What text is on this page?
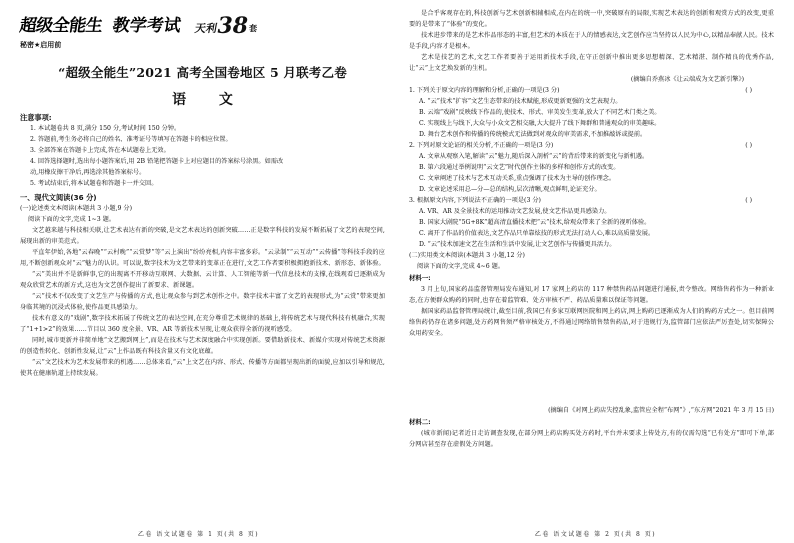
超级全能生 教学考试 天利 38 套
秘密★启用前
“超级全能生”2021 高考全国卷地区 5 月联考乙卷
语 文
注意事项:

1. 本试题卷共 8 页,满分 150 分,考试时间 150 分钟。

2. 答题前,考生务必将自己的姓名、准考证号等填写在答题卡的相应位置。

3. 全部答案在答题卡上完成,答在本试题卷上无效。

4. 回答选择题时,选出每小题答案后,用 2B 铅笔把答题卡上对应题目的答案标号涂黑。如需改

动,用橡皮擦干净后,再选涂其他答案标号。

5. 考试结束后,将本试题卷和答题卡一并交回。

一、现代文阅读(36 分)
(一)论述类文本阅读(本题共 3 小题,9 分)
阅读下面的文字,完成 1~3 题。

文艺越来越与科技相关联,让艺术表达有新的突破,是文艺术表达的创新突破……正是数字科技的发展不断拓展了文艺的表现空间,展现出新的审美范式。

平直年伊始,各地“云春晚”“云村晚”“云赏梦”等“云上演出”纷纷亮相,内容丰富多彩。“云录制”“云互动”“云传播”等科技手段的应用,不断创新观众对“云”魅力的认识。可以说,数字技术为文艺带来的变革正在进行,文艺工作者要积极拥抱新技术、新形态、新体验。

“云”美出并不是新鲜事,它的出现离不开移动互联网、大数据、云计算、人工智能等新一代信息技术的支撑,在线观看已逐渐成为观众欣赏艺术的新方式,这也为文艺创作提出了新要求、新课题。

“云”技术不仅改变了文艺生产与传播的方式,也让观众参与到艺术创作之中。数字技术丰富了文艺的表现形式,为“云赏”带来更加身临其境的沉浸式体验,使作品更具感染力。

技术有意义的“戏剧”,数字技术拓展了传统文艺的表达空间,在充分尊重艺术规律的基础上,将传统艺术与现代科技有机融合,实现了“1+1>2”的效果……节目以 360 度全景、VR、AR 等新技术呈现,让观众获得全新的视听感受。

同时,城市更新并非简单地“文艺搬到网上”,而是在技术与艺术深度融合中实现创新。要借助新技术、新媒介实现对传统艺术资源的创造性转化、创新性发展,让“云”上作品既有科技含量又有文化底蕴。

“云”文艺技术为艺术发展带来的机遇……总体来看,“云”上文艺在内容、形式、传播等方面都呈现出新的面貌,应加以引导和规范,使其在健康轨道上持续发展。

乙卷 语文试题卷 第 1 页(共 8 页)

是合乎客观存在的,科技创新与艺术创新相辅相成,在内在的统一中,突破原有的局限,实现艺术表达的创新和观赏方式的改变,更重要的是带来了“体验”的变化。

技术进步带来的是艺术作品形态的丰富,但艺术的本质在于人的情感表达,文艺创作应当坚持以人民为中心,以精品奉献人民。技术是手段,内容才是根本。

艺术是技艺的艺术,文艺工作者要善于运用新技术手段,在守正创新中推出更多思想精深、艺术精湛、制作精良的优秀作品,让“云”上文艺焕发新的生机。

(摘编自乔燕冰《让云端成为文艺新引擎》)
1. 下列关于原文内容的理解和分析,正确的一项是(3 分)	( )
A. “云”技术“扩容”文艺生态带来的技术赋能,形成更新更强的文艺表现力。
B. 云端“戏剧”反映线下作品的,使技术、形式、审美发生变革,放大了不同艺术门类之美。
C. 实现线上与线下,大众与小众文艺相交融,大大提升了线下舞群和普通观众的审美趣味。
D. 舞台艺术创作和传播的传统模式无法做到对观众的审美需求,不加推敲诉或提前。
2. 下列对原文论证的相关分析,不正确的一项是(3 分)	( )
A. 文章从观察入笔,解读“云”魅力,随后深入剖析“云”的背后带来的新变化与新机遇。
B. 第六段通过举例说明“云文艺”时代创作主体的多样和创作方式的改变。
C. 文章阐述了技术与艺术互动关系,重点强调了技术为主导的创作理念。
D. 文章论述采用总—分—总的结构,层次清晰,观点鲜明,论证充分。
3. 根据原文内容,下列说法不正确的一项是(3 分)	( )
A. VR、AR 及全景技术的运用推动文艺发展,使文艺作品更具感染力。
B. 国家大剧院“5G+8K”超高清直播技术把“云”技术,给观众带来了全新的视听体验。
C. 离开了作品的价值表达,文艺作品只单靠炫技的形式无法打动人心,难以高质量发展。
D. “云”技术加速文艺在生活和生活中发展,让文艺创作与传播更具活力。
(二)实用类文本阅读(本题共 3 小题,12 分)
阅读下面的文字,完成 4~6 题。
材料一:

3 月上旬,国家药品监督管理局发布通知,对 17 家网上药店的 117 种禁售药品问题进行通报,责令整改。网络售药作为一种新业态,在方便群众购药的同时,也存在着监管难、处方审核不严、药品质量难以保证等问题。

据国家药品监督管理局统计,截至目前,我国已有多家互联网医院和网上药店,网上购药已逐渐成为人们的购药方式之一。但目前网络售药仍存在诸多问题,处方药网售须严格审核处方,不得通过网络销售禁售药品,对于违规行为,监管部门应依法严厉查处,切实保障公众用药安全。

(摘编自《对网上药店失控乱象,监管应全程“布网”》,“东方网”2021 年 3 月 15 日)
材料二:

(城市新闻)记者近日走访调查发现,在部分网上药店购买处方药时,平台并未要求上传处方,有的仅需勾选“已有处方”即可下单,部分网店甚至存在虚假处方问题。

乙卷 语文试题卷 第 2 页(共 8 页)
